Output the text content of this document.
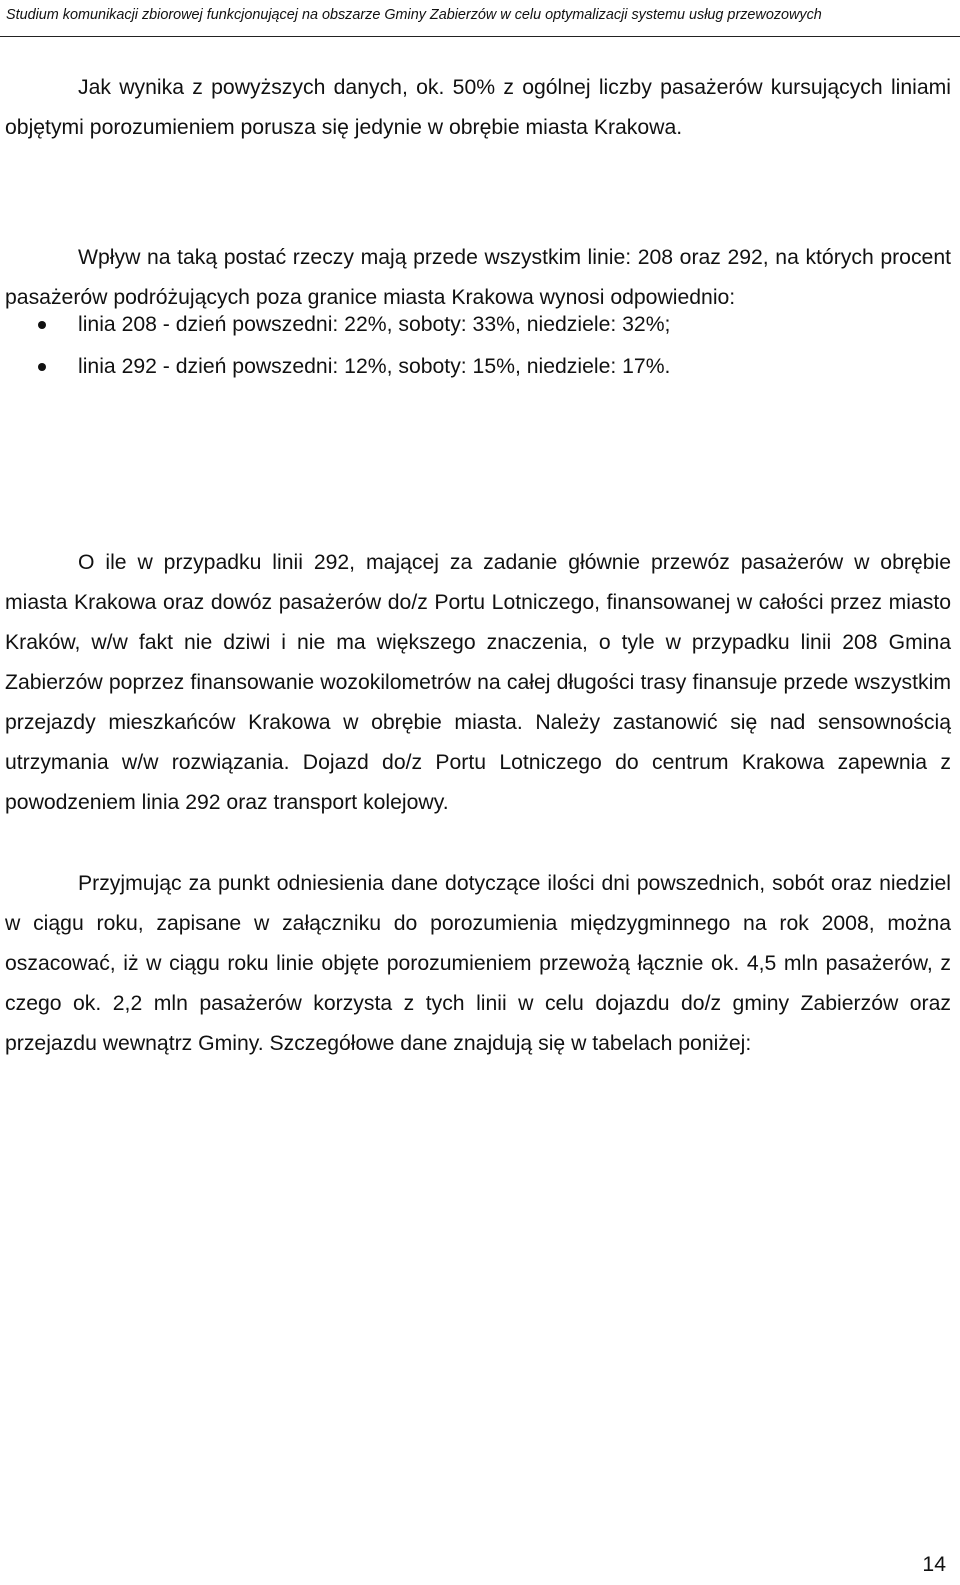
Studium komunikacji zbiorowej funkcjonującej na obszarze Gminy Zabierzów w celu optymalizacji systemu usług przewozowych

Jak wynika z powyższych danych, ok. 50% z ogólnej liczby pasażerów kursujących liniami objętymi porozumieniem porusza się jedynie w obrębie miasta Krakowa.

Wpływ na taką postać rzeczy mają przede wszystkim linie: 208 oraz 292, na których procent pasażerów podróżujących poza granice miasta Krakowa wynosi odpowiednio:

linia 208 - dzień powszedni: 22%, soboty: 33%, niedziele: 32%;
linia 292 - dzień powszedni: 12%, soboty: 15%, niedziele: 17%.

O ile w przypadku linii 292, mającej za zadanie głównie przewóz pasażerów w obrębie miasta Krakowa oraz dowóz pasażerów do/z Portu Lotniczego, finansowanej w całości przez miasto Kraków, w/w fakt nie dziwi i nie ma większego znaczenia, o tyle w przypadku linii 208 Gmina Zabierzów poprzez finansowanie wozokilometrów na całej długości trasy finansuje przede wszystkim przejazdy mieszkańców Krakowa w obrębie miasta. Należy zastanowić się nad sensownością utrzymania w/w rozwiązania. Dojazd do/z Portu Lotniczego do centrum Krakowa zapewnia z powodzeniem linia 292 oraz transport kolejowy.

Przyjmując za punkt odniesienia dane dotyczące ilości dni powszednich, sobót oraz niedziel w ciągu roku, zapisane w załączniku do porozumienia międzygminnego na rok 2008, można oszacować, iż w ciągu roku linie objęte porozumieniem przewożą łącznie ok. 4,5 mln pasażerów, z czego ok. 2,2 mln pasażerów korzysta z tych linii w celu dojazdu do/z gminy Zabierzów oraz przejazdu wewnątrz Gminy. Szczegółowe dane znajdują się w tabelach poniżej:

14
